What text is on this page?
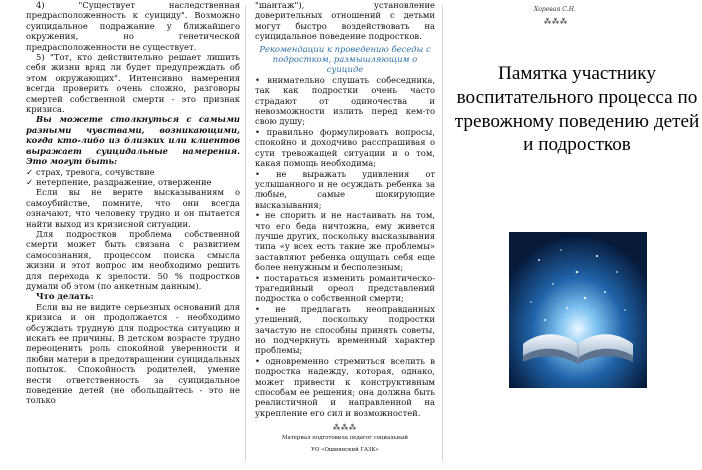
4) "Существует наследственная предрасположенность к суициду". Возможно суицидальное подражание у ближайшего окружения, но генетической предрасположенности не существует.

5) "Тот, кто действительно решает лишить себя жизни вряд ли будет предупреждать об этом окружающих". Интенсивно намерения всегда проверить очень сложно, разговоры смертей собственной смерти - это признак кризиса.

Вы можете столкнуться с самыми разными чувствами, возникающими, когда кто-либо из близких или клиентов выражает суицидальные намерения. Это могут быть:

✓ страх, тревога, сочувствие

✓ нетерпение, раздражение, отвержение

Если вы не верите высказываниям о самоубийстве, помните, что они всегда означают, что человеку трудно и он пытается найти выход из кризисной ситуации.

Для подростков проблема собственной смерти может быть связана с развитием самосознания, процессом поиска смысла жизни и этот вопрос им необходимо решить для перехода к зрелости. 50 % подростков думали об этом (по анкетным данным).

Что делать:

Если вы не видите серьезных оснований для кризиса и он продолжается - необходимо обсуждать трудную для подростка ситуацию и искать ее причины. В детском возрасте трудно переоценить роль спокойной уверенности и любви матери в предотвращении суицидальных попыток. Спокойность родителей, умение нести ответственность за суицидальное поведение детей (не обольщайтесь - это не только

"шантаж"), установление доверительных отношений с детьми могут быстро воздействовать на суицидальное поведение подростков.

Рекомендации к проведению беседы с подростком, размышляющим о суициде

• внимательно слушать собеседника, так как подростки очень часто страдают от одиночества и невозможности излить перед кем-то свою душу;

• правильно формулировать вопросы, спокойно и доходчиво расспрашивая о сути тревожащей ситуации и о том, какая помощь необходима;

• не выражать удивления от услышанного и не осуждать ребенка за любые, самые шокирующие высказывания;

• не спорить и не настаивать на том, что его беда ничтожна, ему живется лучше других, поскольку высказывания типа «у всех есть такие же проблемы» заставляют ребенка ощущать себя еще более ненужным и бесполезным;

• постараться изменить романтическо-трагедийный ореол представлений подростка о собственной смерти;

• не предлагать неоправданных утешений, поскольку подростки зачастую не способны принять советы, но подчеркнуть временный характер проблемы;

• одновременно стремиться вселить в подростка надежду, которая, однако, может привести к конструктивным способам ее решения; она должна быть реалистичной и направленной на укрепление его сил и возможностей.

⁂⁂⁂

Материал подготовила педагог социальный

УО «Ошмянский ГАЗК»

Хоревая С.Н.
⁂⁂⁂
Памятка участнику воспитательного процесса по тревожному поведению детей и подростков
